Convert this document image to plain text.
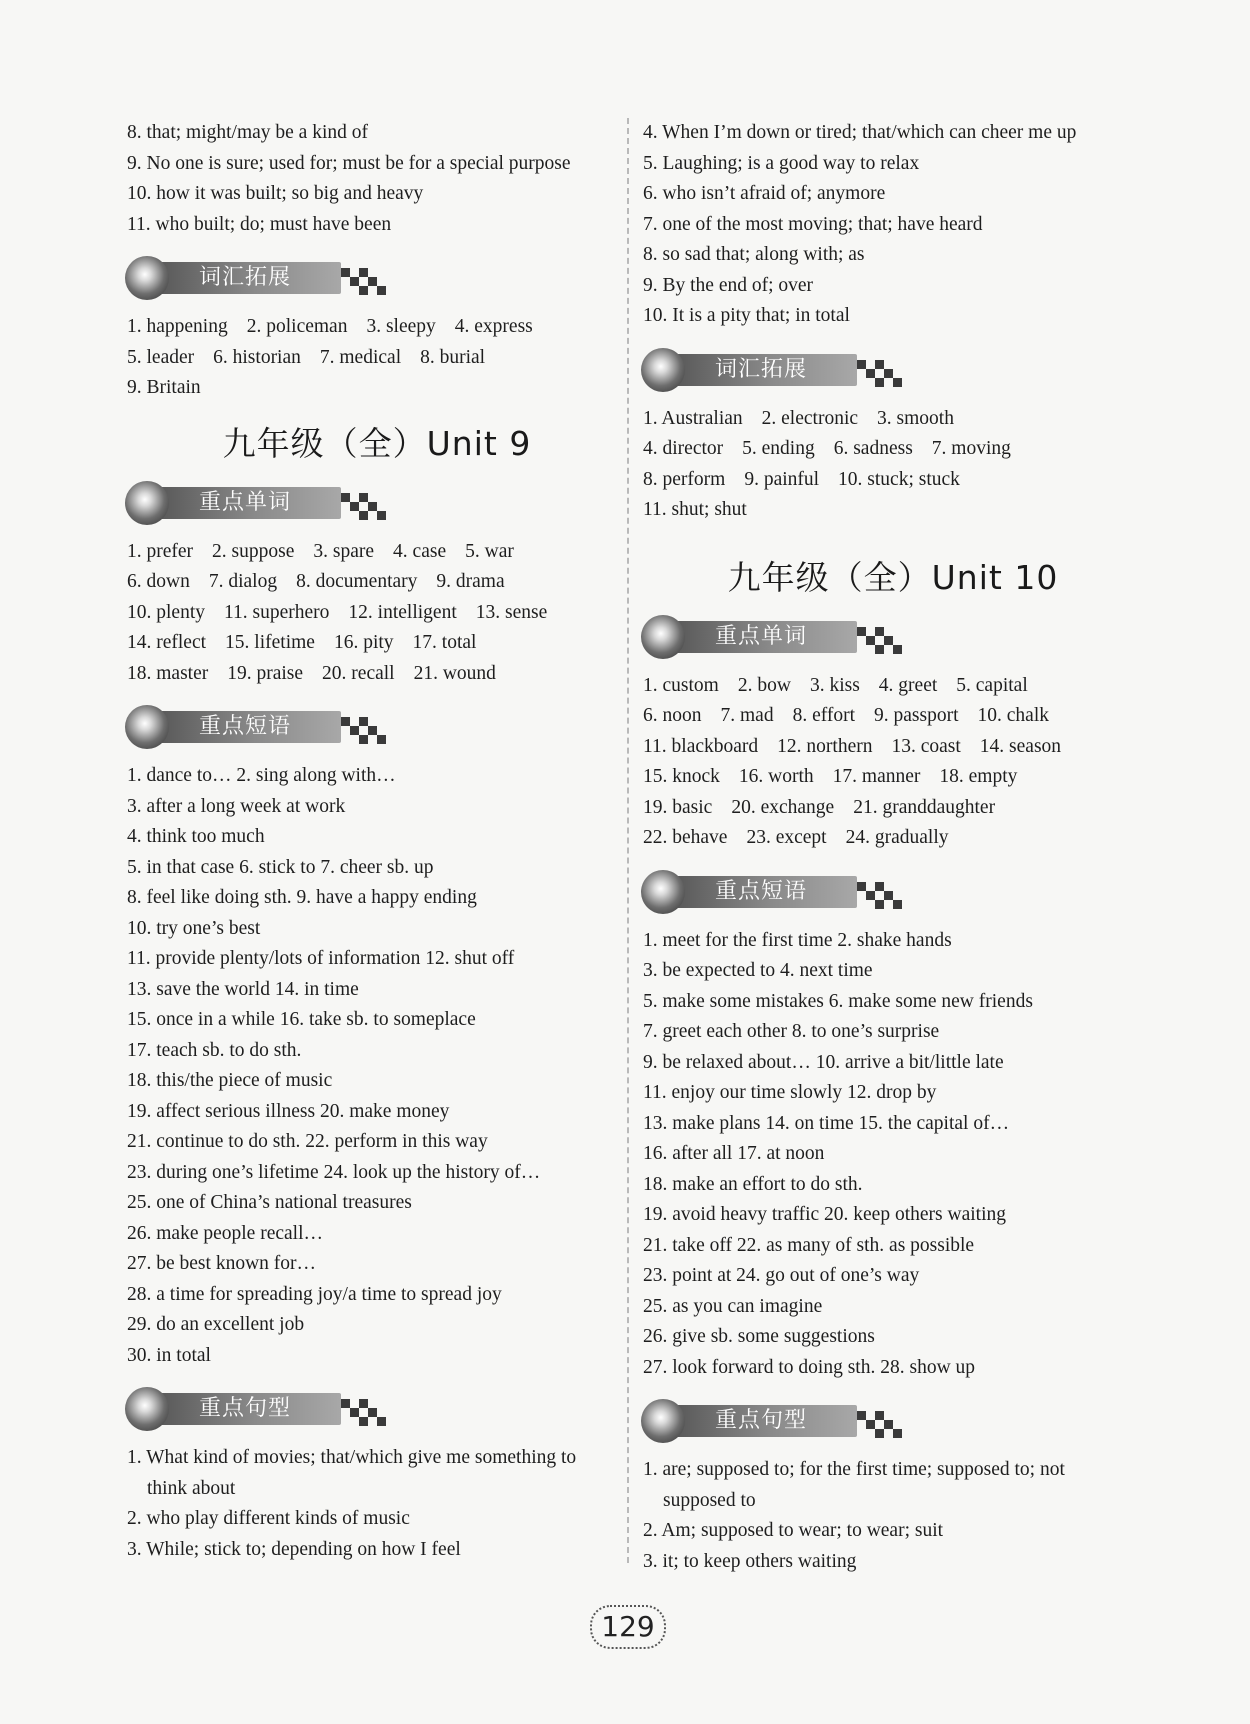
8. that; might/may be a kind of
9. No one is sure; used for; must be for a special purpose
10. how it was built; so big and heavy
11. who built; do; must have been
词汇拓展
1. happening 2. policeman 3. sleepy 4. express
5. leader 6. historian 7. medical 8. burial
9. Britain
九年级（全）Unit 9
重点单词
1. prefer 2. suppose 3. spare 4. case 5. war
6. down 7. dialog 8. documentary 9. drama
10. plenty 11. superhero 12. intelligent 13. sense
14. reflect 15. lifetime 16. pity 17. total
18. master 19. praise 20. recall 21. wound
重点短语
1. dance to… 2. sing along with…
3. after a long week at work
4. think too much
5. in that case 6. stick to 7. cheer sb. up
8. feel like doing sth. 9. have a happy ending
10. try one’s best
11. provide plenty/lots of information 12. shut off
13. save the world 14. in time
15. once in a while 16. take sb. to someplace
17. teach sb. to do sth.
18. this/the piece of music
19. affect serious illness 20. make money
21. continue to do sth. 22. perform in this way
23. during one’s lifetime 24. look up the history of…
25. one of China’s national treasures
26. make people recall…
27. be best known for…
28. a time for spreading joy/a time to spread joy
29. do an excellent job
30. in total
重点句型
1. What kind of movies; that/which give me something to
think about
2. who play different kinds of music
3. While; stick to; depending on how I feel
4. When I’m down or tired; that/which can cheer me up
5. Laughing; is a good way to relax
6. who isn’t afraid of; anymore
7. one of the most moving; that; have heard
8. so sad that; along with; as
9. By the end of; over
10. It is a pity that; in total
词汇拓展
1. Australian 2. electronic 3. smooth
4. director 5. ending 6. sadness 7. moving
8. perform 9. painful 10. stuck; stuck
11. shut; shut
九年级（全）Unit 10
重点单词
1. custom 2. bow 3. kiss 4. greet 5. capital
6. noon 7. mad 8. effort 9. passport 10. chalk
11. blackboard 12. northern 13. coast 14. season
15. knock 16. worth 17. manner 18. empty
19. basic 20. exchange 21. granddaughter
22. behave 23. except 24. gradually
重点短语
1. meet for the first time 2. shake hands
3. be expected to 4. next time
5. make some mistakes 6. make some new friends
7. greet each other 8. to one’s surprise
9. be relaxed about… 10. arrive a bit/little late
11. enjoy our time slowly 12. drop by
13. make plans 14. on time 15. the capital of…
16. after all 17. at noon
18. make an effort to do sth.
19. avoid heavy traffic 20. keep others waiting
21. take off 22. as many of sth. as possible
23. point at 24. go out of one’s way
25. as you can imagine
26. give sb. some suggestions
27. look forward to doing sth. 28. show up
重点句型
1. are; supposed to; for the first time; supposed to; not
supposed to
2. Am; supposed to wear; to wear; suit
3. it; to keep others waiting
129
